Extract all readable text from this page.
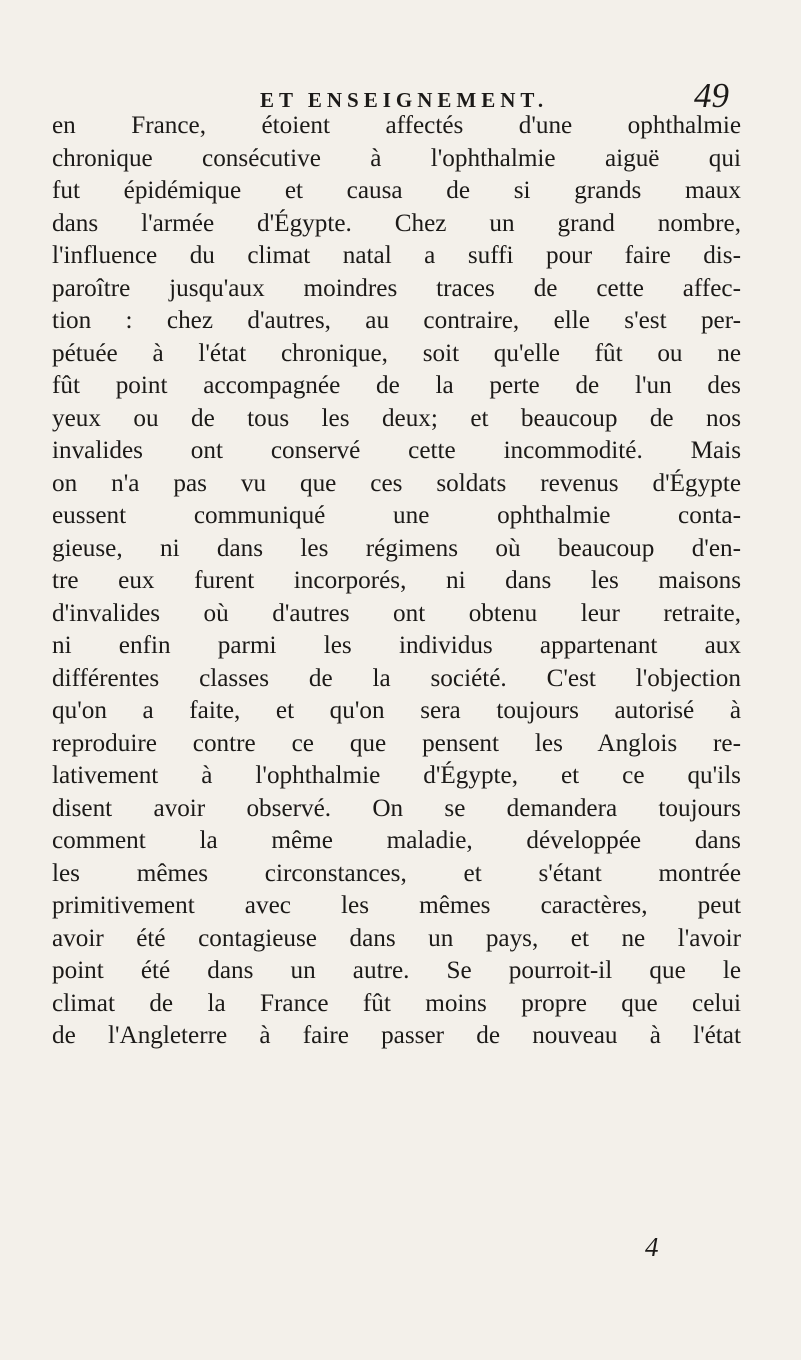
ET ENSEIGNEMENT.	49
en France, étoient affectés d'une ophthalmie
chronique consécutive à l'ophthalmie aiguë qui
fut épidémique et causa de si grands maux
dans l'armée d'Égypte. Chez un grand nombre,
l'influence du climat natal a suffi pour faire dis-
paroître jusqu'aux moindres traces de cette affec-
tion : chez d'autres, au contraire, elle s'est per-
pétuée à l'état chronique, soit qu'elle fût ou ne
fût point accompagnée de la perte de l'un des
yeux ou de tous les deux; et beaucoup de nos
invalides ont conservé cette incommodité. Mais
on n'a pas vu que ces soldats revenus d'Égypte
eussent communiqué une ophthalmie conta-
gieuse, ni dans les régimens où beaucoup d'en-
tre eux furent incorporés, ni dans les maisons
d'invalides où d'autres ont obtenu leur retraite,
ni enfin parmi les individus appartenant aux
différentes classes de la société. C'est l'objection
qu'on a faite, et qu'on sera toujours autorisé à
reproduire contre ce que pensent les Anglois re-
lativement à l'ophthalmie d'Égypte, et ce qu'ils
disent avoir observé. On se demandera toujours
comment la même maladie, développée dans
les mêmes circonstances, et s'étant montrée
primitivement avec les mêmes caractères, peut
avoir été contagieuse dans un pays, et ne l'avoir
point été dans un autre. Se pourroit-il que le
climat de la France fût moins propre que celui
de l'Angleterre à faire passer de nouveau à l'état
4
